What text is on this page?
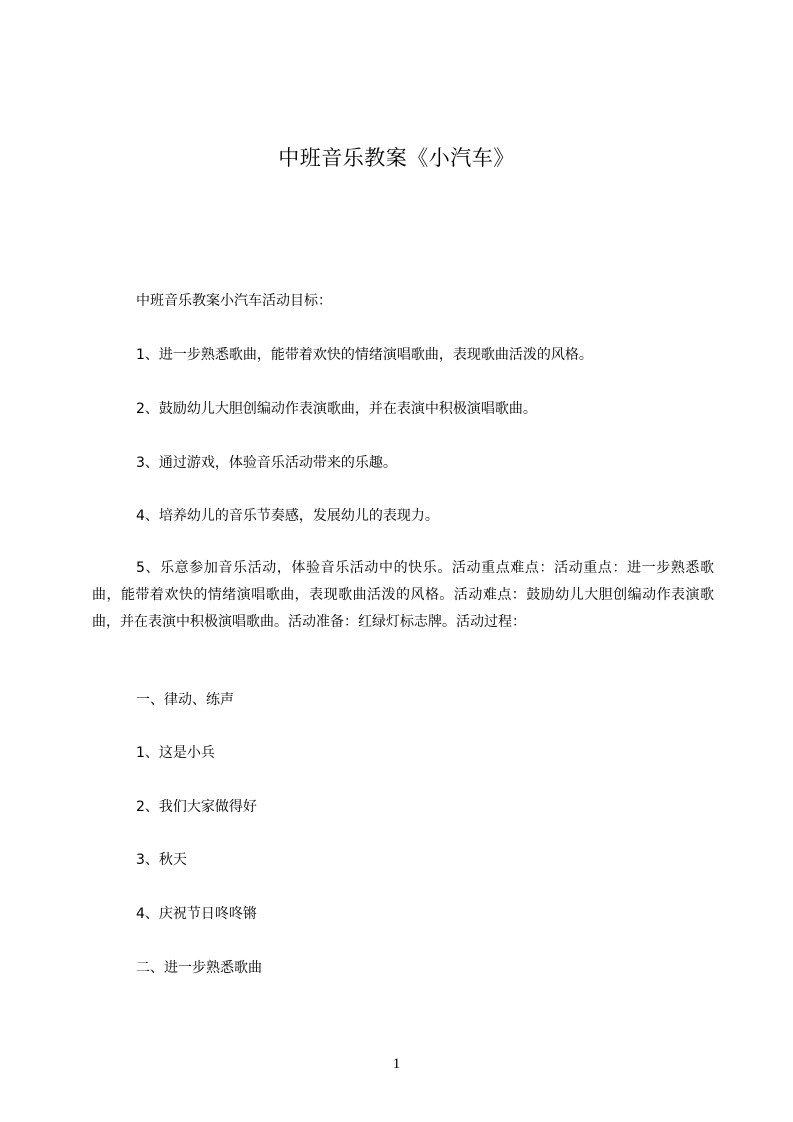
中班音乐教案《小汽车》
中班音乐教案小汽车活动目标：
1、进一步熟悉歌曲，能带着欢快的情绪演唱歌曲，表现歌曲活泼的风格。
2、鼓励幼儿大胆创编动作表演歌曲，并在表演中积极演唱歌曲。
3、通过游戏，体验音乐活动带来的乐趣。
4、培养幼儿的音乐节奏感，发展幼儿的表现力。
5、乐意参加音乐活动，体验音乐活动中的快乐。活动重点难点：活动重点：进一步熟悉歌曲，能带着欢快的情绪演唱歌曲，表现歌曲活泼的风格。活动难点：鼓励幼儿大胆创编动作表演歌曲，并在表演中积极演唱歌曲。活动准备：红绿灯标志牌。活动过程：
一、律动、练声
1、这是小兵
2、我们大家做得好
3、秋天
4、庆祝节日咚咚锵
二、进一步熟悉歌曲
1
